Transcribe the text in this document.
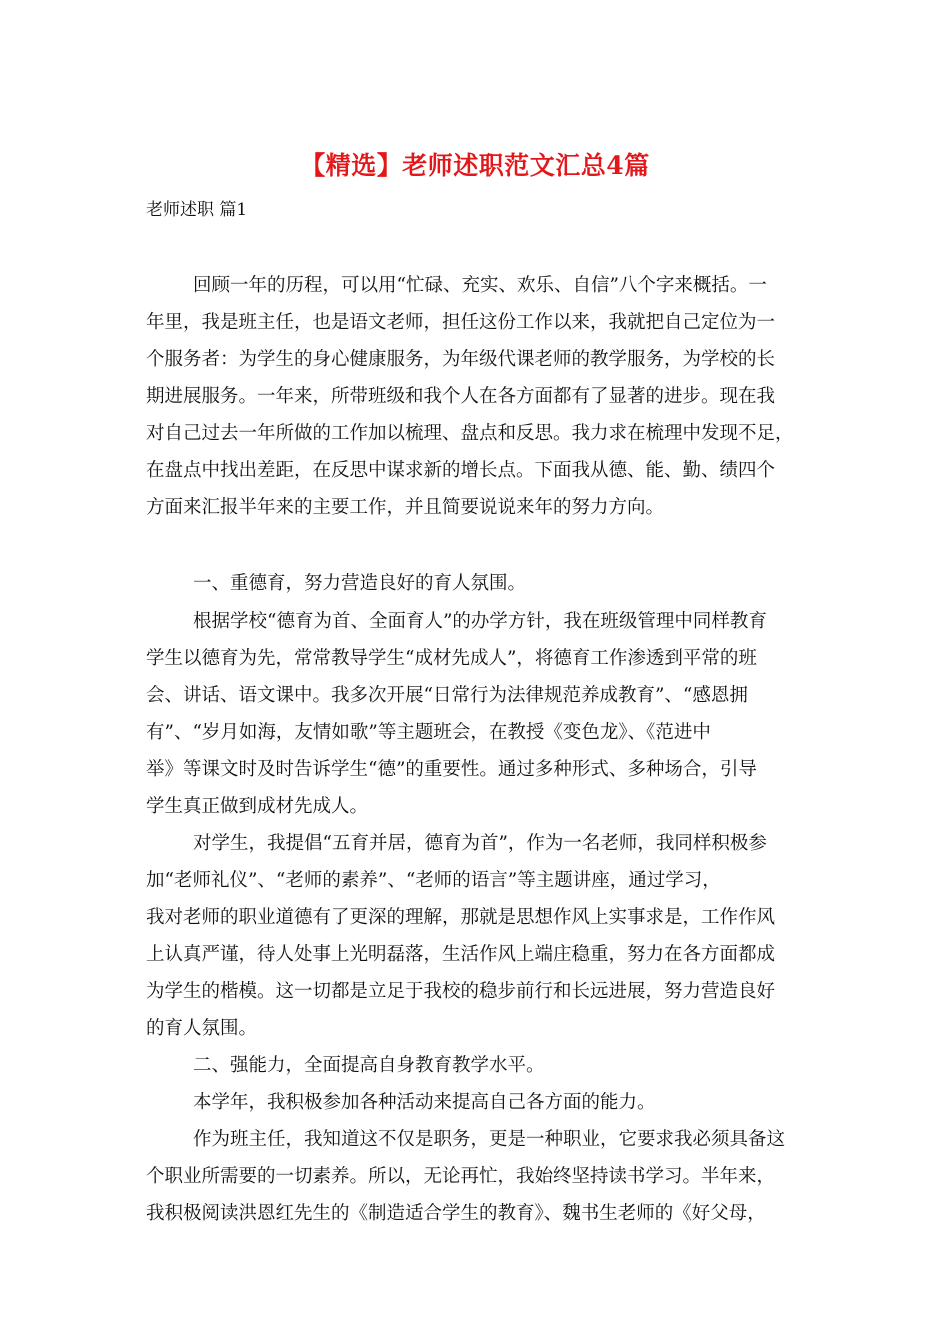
【精选】老师述职范文汇总4篇
老师述职 篇1
回顾一年的历程，可以用“忙碌、充实、欢乐、自信”八个字来概括。一
年里，我是班主任，也是语文老师，担任这份工作以来，我就把自己定位为一
个服务者：为学生的身心健康服务，为年级代课老师的教学服务，为学校的长
期进展服务。一年来，所带班级和我个人在各方面都有了显著的进步。现在我
对自己过去一年所做的工作加以梳理、盘点和反思。我力求在梳理中发现不足，
在盘点中找出差距，在反思中谋求新的增长点。下面我从德、能、勤、绩四个
方面来汇报半年来的主要工作，并且简要说说来年的努力方向。
一、重德育，努力营造良好的育人氛围。
根据学校“德育为首、全面育人”的办学方针，我在班级管理中同样教育
学生以德育为先，常常教导学生“成材先成人”，将德育工作渗透到平常的班
会、讲话、语文课中。我多次开展“日常行为法律规范养成教育”、“感恩拥
有”、“岁月如海，友情如歌”等主题班会，在教授《变色龙》、《范进中
举》等课文时及时告诉学生“德”的重要性。通过多种形式、多种场合，引导
学生真正做到成材先成人。
对学生，我提倡“五育并居，德育为首”，作为一名老师，我同样积极参
加“老师礼仪”、“老师的素养”、“老师的语言”等主题讲座，通过学习，
我对老师的职业道德有了更深的理解，那就是思想作风上实事求是，工作作风
上认真严谨，待人处事上光明磊落，生活作风上端庄稳重，努力在各方面都成
为学生的楷模。这一切都是立足于我校的稳步前行和长远进展，努力营造良好
的育人氛围。
二、强能力，全面提高自身教育教学水平。
本学年，我积极参加各种活动来提高自己各方面的能力。
作为班主任，我知道这不仅是职务，更是一种职业，它要求我必须具备这
个职业所需要的一切素养。所以，无论再忙，我始终坚持读书学习。半年来，
我积极阅读洪恩红先生的《制造适合学生的教育》、魏书生老师的《好父母，
